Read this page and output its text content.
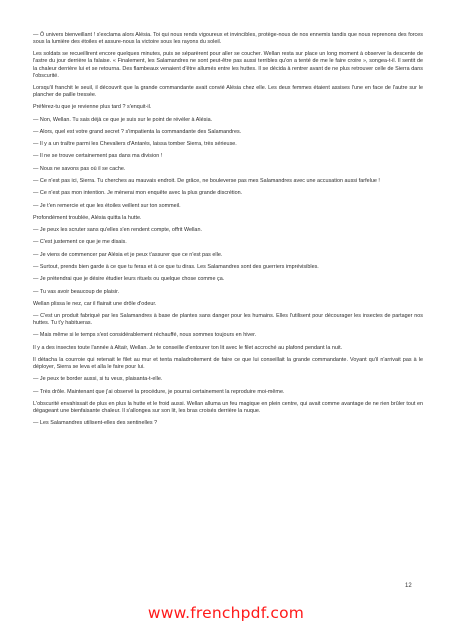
— Ô univers bienveillant ! s'exclama alors Alésia. Toi qui nous rends vigoureux et invincibles, protège-nous de nos ennemis tandis que nous reprenons des forces sous la lumière des étoiles et assure-nous la victoire sous les rayons du soleil.

Les soldats se recueillirent encore quelques minutes, puis se séparèrent pour aller se coucher. Wellan resta sur place un long moment à observer la descente de l'astre du jour derrière la falaise. « Finalement, les Salamandres ne sont peut-être pas aussi terribles qu'on a tenté de me le faire croire », songea-t-il. Il sentit de la chaleur derrière lui et se retourna. Des flambeaux venaient d'être allumés entre les huttes. Il se décida à rentrer avant de ne plus retrouver celle de Sierra dans l'obscurité.

Lorsqu'il franchit le seuil, il découvrit que la grande commandante avait convié Alésia chez elle. Les deux femmes étaient assises l'une en face de l'autre sur le plancher de paille tressée.

Préférez-tu que je revienne plus tard ? s'enquit-il.

— Non, Wellan. Tu sais déjà ce que je suis sur le point de révéler à Alésia.

— Alors, quel est votre grand secret ? s'impatienta la commandante des Salamandres.

— Il y a un traître parmi les Chevaliers d'Antarès, laissa tomber Sierra, très sérieuse.

— Il ne se trouve certainement pas dans ma division !

— Nous ne savons pas où il se cache.

— Ce n'est pas ici, Sierra. Tu cherches au mauvais endroit. De grâce, ne bouleverse pas mes Salamandres avec une accusation aussi farfelue !

— Ce n'est pas mon intention. Je mènerai mon enquête avec la plus grande discrétion.

— Je t'en remercie et que les étoiles veillent sur ton sommeil.

Profondément troublée, Alésia quitta la hutte.

— Je peux les scruter sans qu'elles s'en rendent compte, offrit Wellan.

— C'est justement ce que je me disais.

— Je viens de commencer par Alésia et je peux t'assurer que ce n'est pas elle.

— Surtout, prends bien garde à ce que tu feras et à ce que tu diras. Les Salamandres sont des guerriers imprévisibles.

— Je prétendrai que je désire étudier leurs rituels ou quelque chose comme ça.

— Tu vas avoir beaucoup de plaisir.

Wellan plissa le nez, car il flairait une drôle d'odeur.

— C'est un produit fabriqué par les Salamandres à base de plantes sans danger pour les humains. Elles l'utilisent pour décourager les insectes de partager nos huttes. Tu t'y habitueras.

— Mais même si le temps s'est considérablement réchauffé, nous sommes toujours en hiver.

Il y a des insectes toute l'année à Altaïr, Wellan. Je te conseille d'entourer ton lit avec le filet accroché au plafond pendant la nuit.

Il détacha la courroie qui retenait le filet au mur et tenta maladroitement de faire ce que lui conseillait la grande commandante. Voyant qu'il n'arrivait pas à le déployer, Sierra se leva et alla le faire pour lui.

— Je peux te border aussi, si tu veux, plaisanta-t-elle.

— Très drôle. Maintenant que j'ai observé la procédure, je pourrai certainement la reproduire moi-même.

L'obscurité envahissait de plus en plus la hutte et le froid aussi. Wellan alluma un feu magique en plein centre, qui avait comme avantage de ne rien brûler tout en dégageant une bienfaisante chaleur. Il s'allongea sur son lit, les bras croisés derrière la nuque.

— Les Salamandres utilisent-elles des sentinelles ?

12
www.frenchpdf.com
